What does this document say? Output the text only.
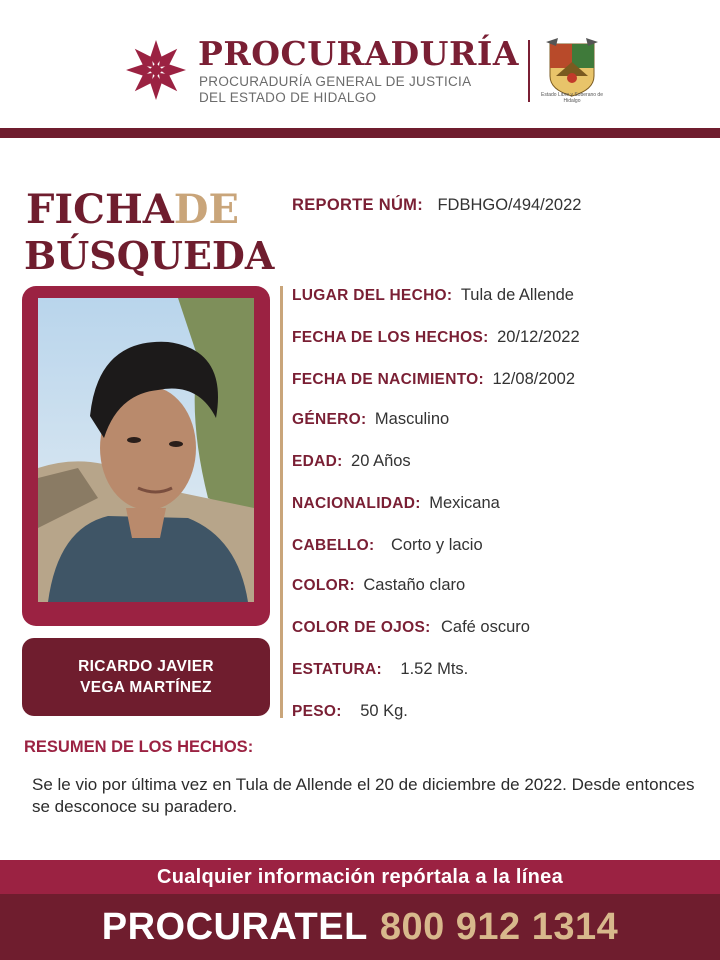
PROCURADURÍA
PROCURADURÍA GENERAL DE JUSTICIA
DEL ESTADO DE HIDALGO	Estado Libre y Soberano de Hidalgo
FICHADE
BÚSQUEDA
REPORTE NÚM: FDBHGO/494/2022
RICARDO JAVIER
VEGA MARTÍNEZ
LUGAR DEL HECHO: Tula de Allende
FECHA DE LOS HECHOS: 20/12/2022
FECHA DE NACIMIENTO: 12/08/2002
GÉNERO: Masculino
EDAD: 20 Años
NACIONALIDAD: Mexicana
CABELLO: Corto y lacio
COLOR: Castaño claro
COLOR DE OJOS: Café oscuro
ESTATURA: 1.52 Mts.
PESO: 50 Kg.
RESUMEN DE LOS HECHOS:
Se le vio por última vez en Tula de Allende el 20 de diciembre de 2022. Desde entonces se desconoce su paradero.
Cualquier información repórtala a la línea
PROCURATEL 800 912 1314
